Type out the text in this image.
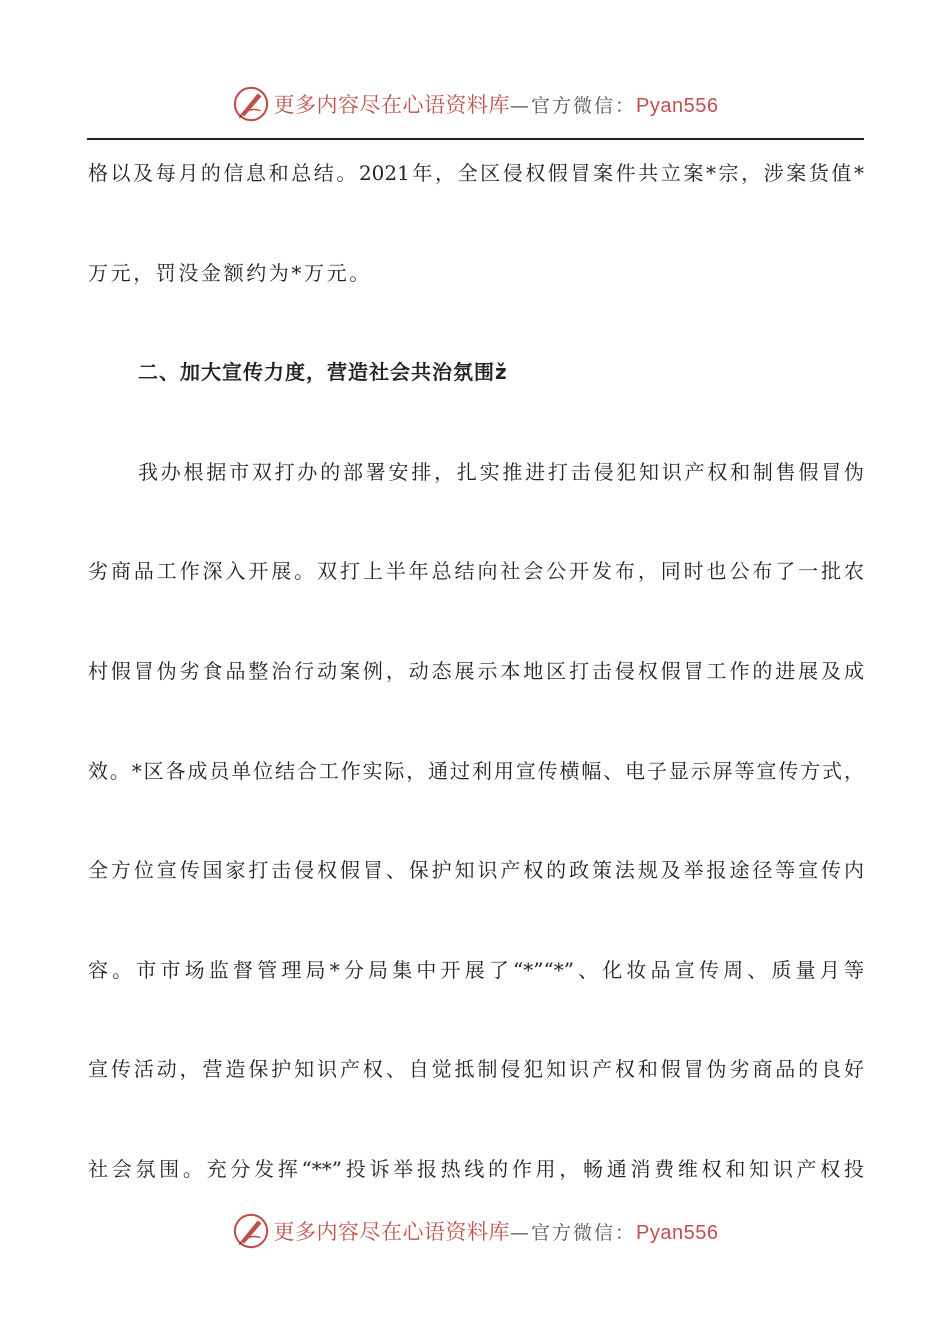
更多内容尽在心语资料库 —官方微信： Pyan556
格以及每月的信息和总结。2021年，全区侵权假冒案件共立案*宗，涉案货值*
万元，罚没金额约为*万元。
二、加大宣传力度，营造社会共治氛围ž
我办根据市双打办的部署安排，扎实推进打击侵犯知识产权和制售假冒伪
劣商品工作深入开展。双打上半年总结向社会公开发布，同时也公布了一批农
村假冒伪劣食品整治行动案例，动态展示本地区打击侵权假冒工作的进展及成
效。*区各成员单位结合工作实际，通过利用宣传横幅、电子显示屏等宣传方式，
全方位宣传国家打击侵权假冒、保护知识产权的政策法规及举报途径等宣传内
容。市市场监督管理局*分局集中开展了“*”“*”、化妆品宣传周、质量月等
宣传活动，营造保护知识产权、自觉抵制侵犯知识产权和假冒伪劣商品的良好
社会氛围。充分发挥“**”投诉举报热线的作用，畅通消费维权和知识产权投
更多内容尽在心语资料库 —官方微信： Pyan556
